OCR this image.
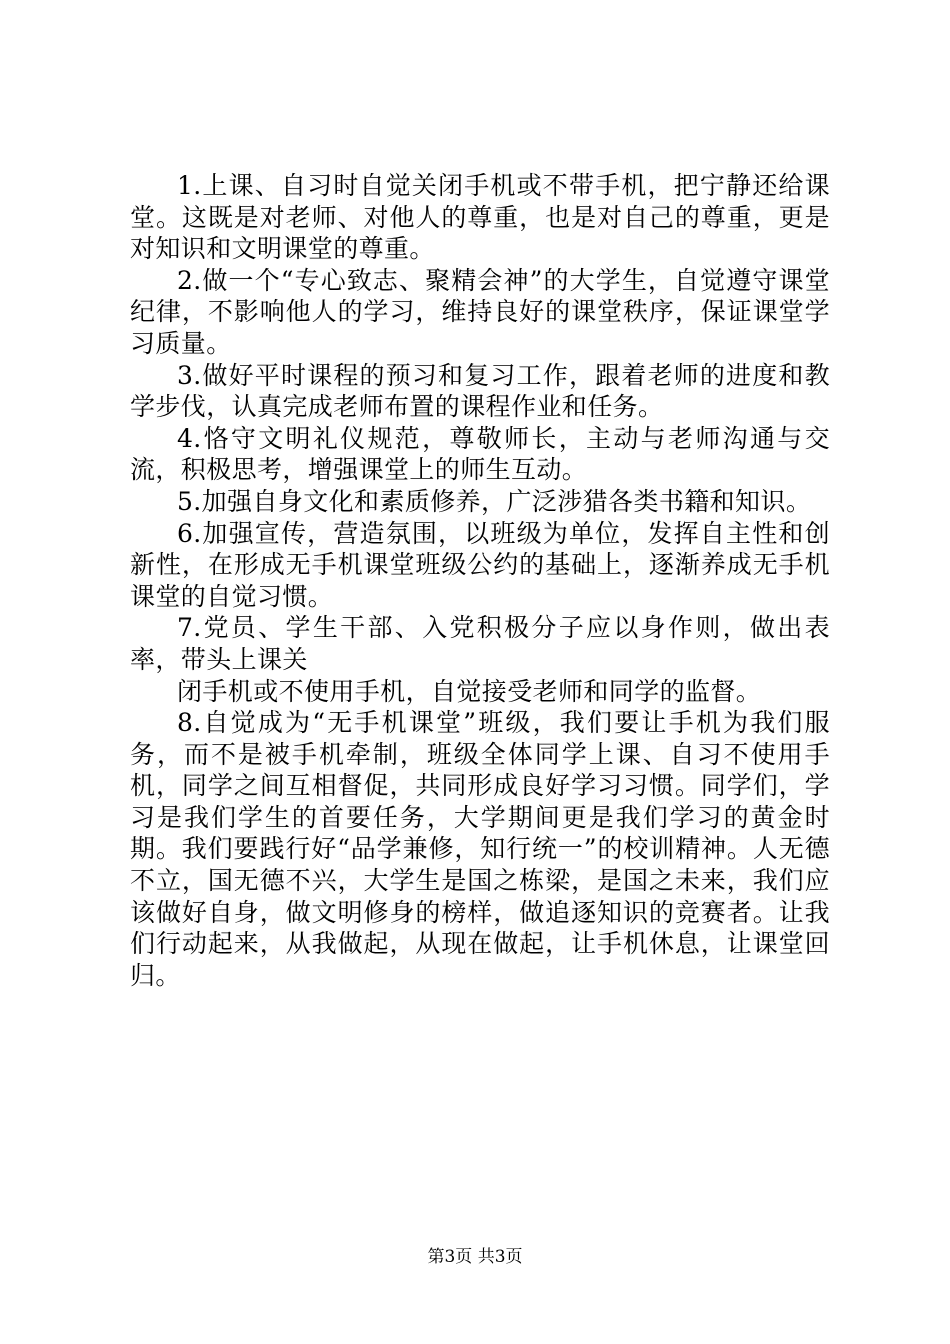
1.上课、自习时自觉关闭手机或不带手机，把宁静还给课堂。这既是对老师、对他人的尊重，也是对自己的尊重，更是对知识和文明课堂的尊重。

2.做一个“专心致志、聚精会神”的大学生，自觉遵守课堂纪律，不影响他人的学习，维持良好的课堂秩序，保证课堂学习质量。

3.做好平时课程的预习和复习工作，跟着老师的进度和教学步伐，认真完成老师布置的课程作业和任务。

4.恪守文明礼仪规范，尊敬师长，主动与老师沟通与交流，积极思考，增强课堂上的师生互动。

5.加强自身文化和素质修养，广泛涉猎各类书籍和知识。

6.加强宣传，营造氛围，以班级为单位，发挥自主性和创新性，在形成无手机课堂班级公约的基础上，逐渐养成无手机课堂的自觉习惯。

7.党员、学生干部、入党积极分子应以身作则，做出表率，带头上课关

闭手机或不使用手机，自觉接受老师和同学的监督。

8.自觉成为“无手机课堂”班级，我们要让手机为我们服务，而不是被手机牵制，班级全体同学上课、自习不使用手机，同学之间互相督促，共同形成良好学习习惯。同学们，学习是我们学生的首要任务，大学期间更是我们学习的黄金时期。我们要践行好“品学兼修，知行统一”的校训精神。人无德不立，国无德不兴，大学生是国之栋梁，是国之未来，我们应该做好自身，做文明修身的榜样，做追逐知识的竞赛者。让我们行动起来，从我做起，从现在做起，让手机休息，让课堂回归。

第3页 共3页
